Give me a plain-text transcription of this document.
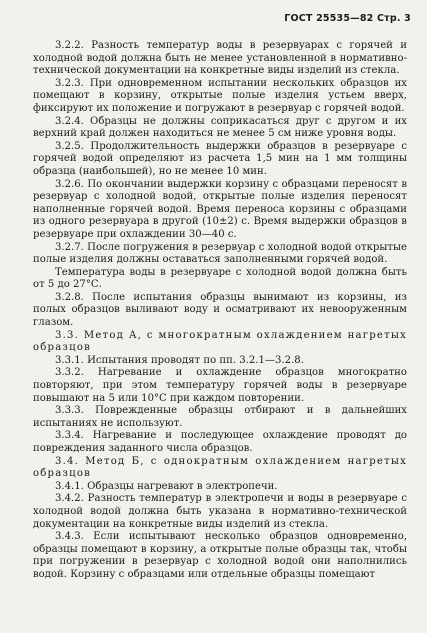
ГОСТ 25535—82 Стр. 3

3.2.2. Разность температур воды в резервуарах с горячей и холодной водой должна быть не менее установленной в нормативно-технической документации на конкретные виды изделий из стекла.

3.2.3. При одновременном испытании нескольких образцов их помещают в корзину, открытые полые изделия устьем вверх, фиксируют их положение и погружают в резервуар с горячей водой.

3.2.4. Образцы не должны соприкасаться друг с другом и их верхний край должен находиться не менее 5 см ниже уровня воды.

3.2.5. Продолжительность выдержки образцов в резервуаре с горячей водой определяют из расчета 1,5 мин на 1 мм толщины образца (наибольшей), но не менее 10 мин.

3.2.6. По окончании выдержки корзину с образцами переносят в резервуар с холодной водой, открытые полые изделия переносят наполненные горячей водой. Время переноса корзины с образцами из одного резервуара в другой (10±2) с. Время выдержки образцов в резервуаре при охлаждении 30—40 с.

3.2.7. После погружения в резервуар с холодной водой открытые полые изделия должны оставаться заполненными горячей водой.

Температура воды в резервуаре с холодной водой должна быть от 5 до 27°С.

3.2.8. После испытания образцы вынимают из корзины, из полых образцов выливают воду и осматривают их невооруженным глазом.

3.3. Метод А, с многократным охлаждением нагретых образцов

3.3.1. Испытания проводят по пп. 3.2.1—3.2.8.

3.3.2. Нагревание и охлаждение образцов многократно повторяют, при этом температуру горячей воды в резервуаре повышают на 5 или 10°С при каждом повторении.

3.3.3. Поврежденные образцы отбирают и в дальнейших испытаниях не используют.

3.3.4. Нагревание и последующее охлаждение проводят до повреждения заданного числа образцов.

3.4. Метод Б, с однократным охлаждением нагретых образцов

3.4.1. Образцы нагревают в электропечи.

3.4.2. Разность температур в электропечи и воды в резервуаре с холодной водой должна быть указана в нормативно-технической документации на конкретные виды изделий из стекла.

3.4.3. Если испытывают несколько образцов одновременно, образцы помещают в корзину, а открытые полые образцы так, чтобы при погружении в резервуар с холодной водой они наполнились водой. Корзину с образцами или отдельные образцы помещают
